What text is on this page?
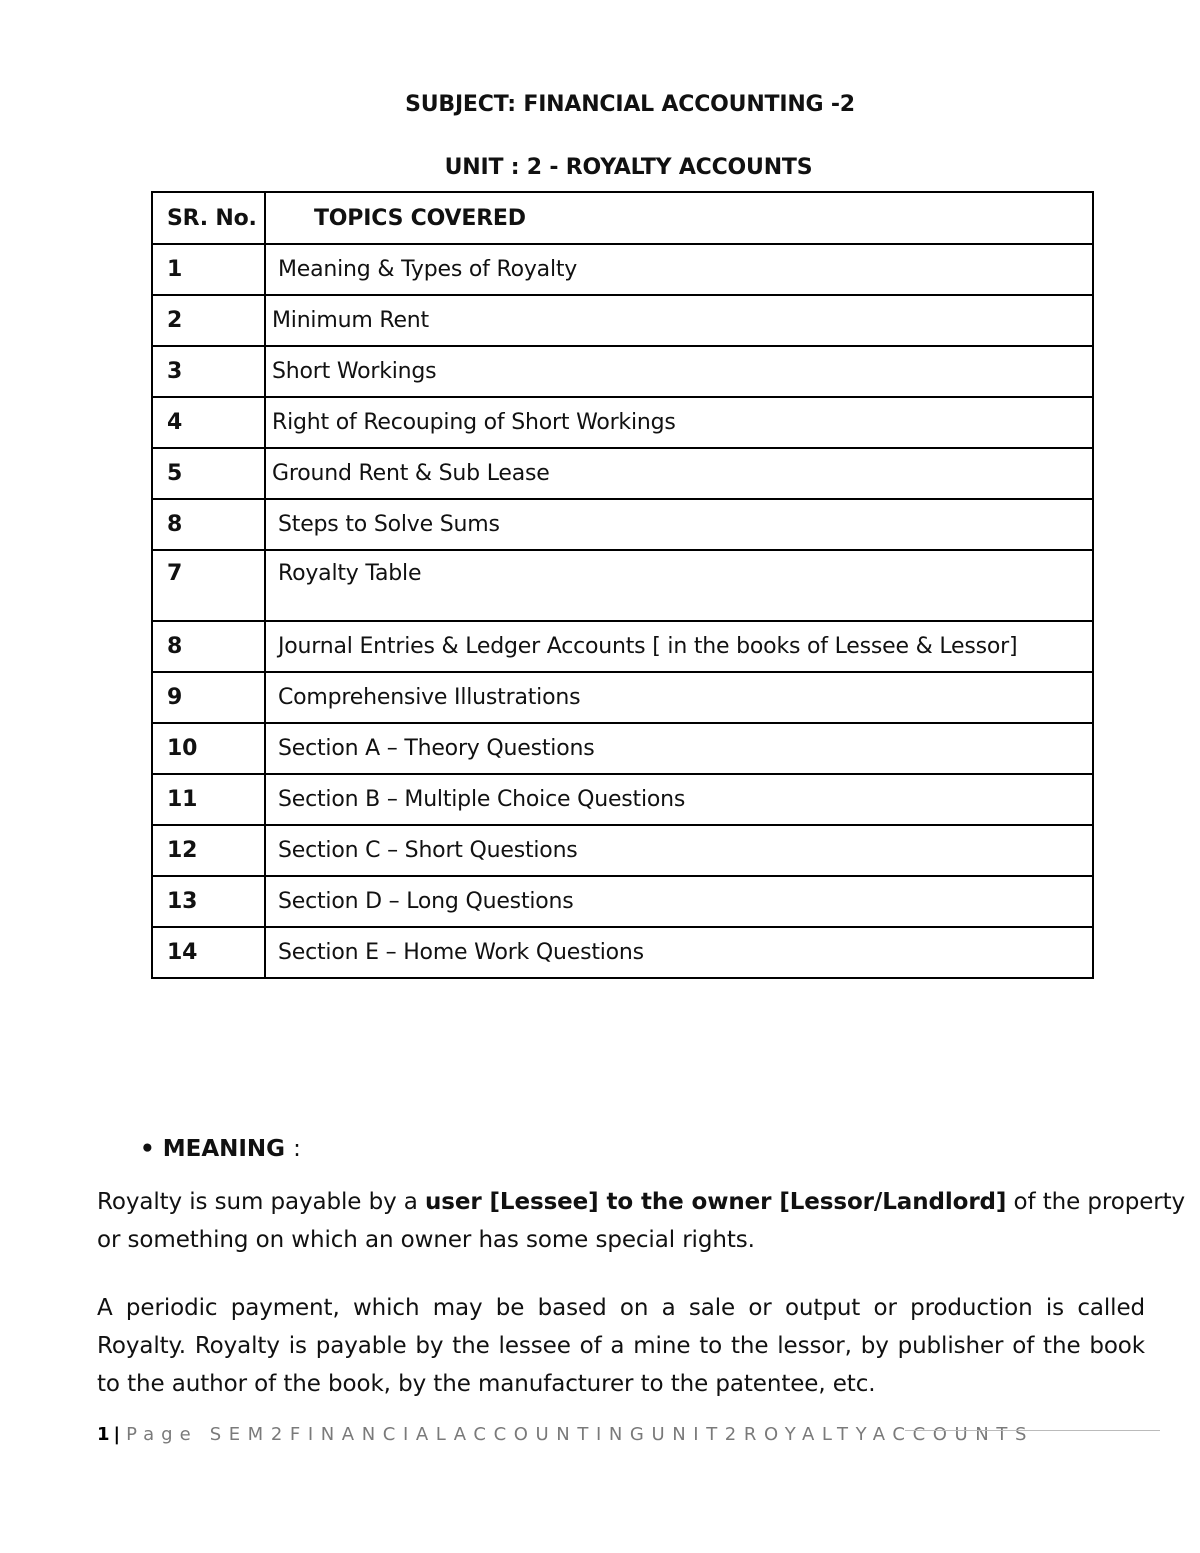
SUBJECT: FINANCIAL ACCOUNTING -2
UNIT : 2 - ROYALTY ACCOUNTS
SR. No.	TOPICS COVERED
1	Meaning & Types of Royalty
2	Minimum Rent
3	Short Workings
4	Right of Recouping of Short Workings
5	Ground Rent & Sub Lease
8	Steps to Solve Sums
7	Royalty Table
8	Journal Entries & Ledger Accounts [ in the books of Lessee & Lessor]
9	Comprehensive Illustrations
10	Section A – Theory Questions
11	Section B – Multiple Choice Questions
12	Section C – Short Questions
13	Section D – Long Questions
14	Section E – Home Work Questions
• MEANING :
Royalty is sum payable by a user [Lessee] to the owner [Lessor/Landlord] of the property or something on which an owner has some special rights.
A periodic payment, which may be based on a sale or output or production is called Royalty. Royalty is payable by the lessee of a mine to the lessor, by publisher of the book to the author of the book, by the manufacturer to the patentee, etc.
1 | Page SEM2FINANCIALACCOUNTINGUNIT2ROYALTYACCOUNTS
